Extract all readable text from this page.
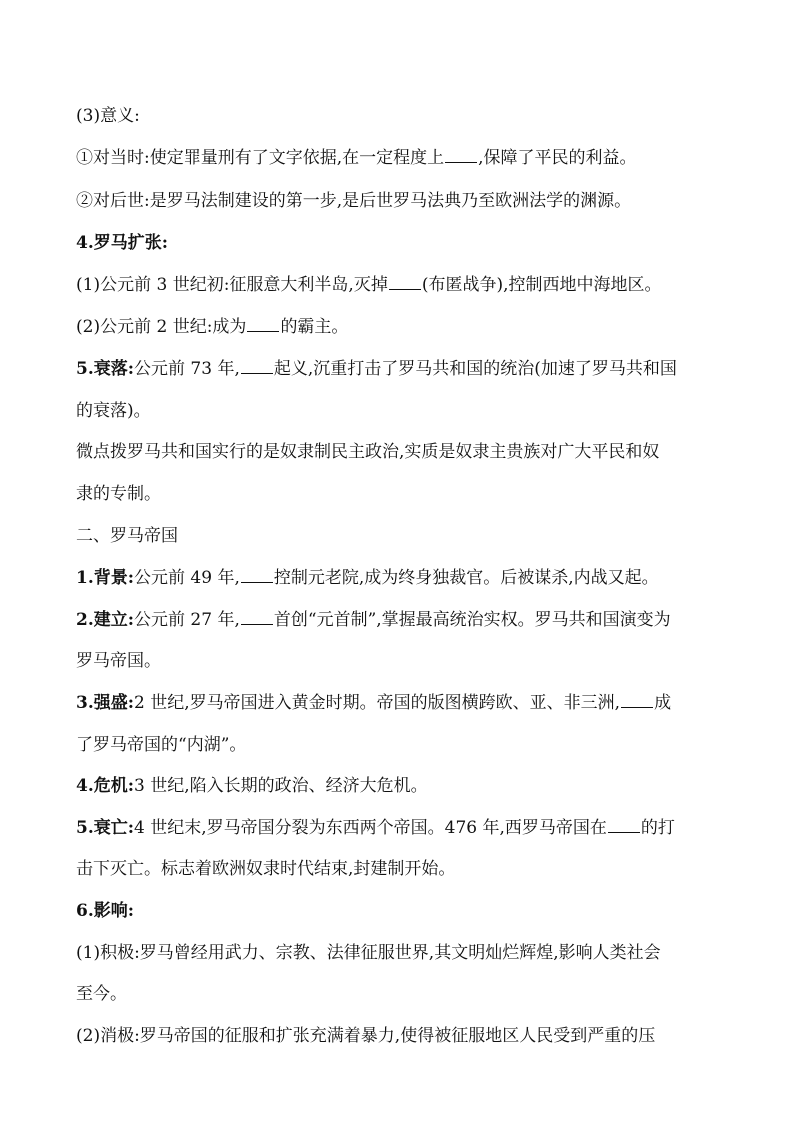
(3)意义:
①对当时:使定罪量刑有了文字依据,在一定程度上 ,保障了平民的利益。
②对后世:是罗马法制建设的第一步,是后世罗马法典乃至欧洲法学的渊源。
4.罗马扩张:
(1)公元前 3 世纪初:征服意大利半岛,灭掉 (布匿战争),控制西地中海地区。
(2)公元前 2 世纪:成为 的霸主。
5.衰落:公元前 73 年, 起义,沉重打击了罗马共和国的统治(加速了罗马共和国
的衰落)。
微点拨罗马共和国实行的是奴隶制民主政治,实质是奴隶主贵族对广大平民和奴
隶的专制。
二、罗马帝国
1.背景:公元前 49 年, 控制元老院,成为终身独裁官。后被谋杀,内战又起。
2.建立:公元前 27 年, 首创“元首制”,掌握最高统治实权。罗马共和国演变为
罗马帝国。
3.强盛:2 世纪,罗马帝国进入黄金时期。帝国的版图横跨欧、亚、非三洲, 成
了罗马帝国的“内湖”。
4.危机:3 世纪,陷入长期的政治、经济大危机。
5.衰亡:4 世纪末,罗马帝国分裂为东西两个帝国。476 年,西罗马帝国在 的打
击下灭亡。标志着欧洲奴隶时代结束,封建制开始。
6.影响:
(1)积极:罗马曾经用武力、宗教、法律征服世界,其文明灿烂辉煌,影响人类社会
至今。
(2)消极:罗马帝国的征服和扩张充满着暴力,使得被征服地区人民受到严重的压
